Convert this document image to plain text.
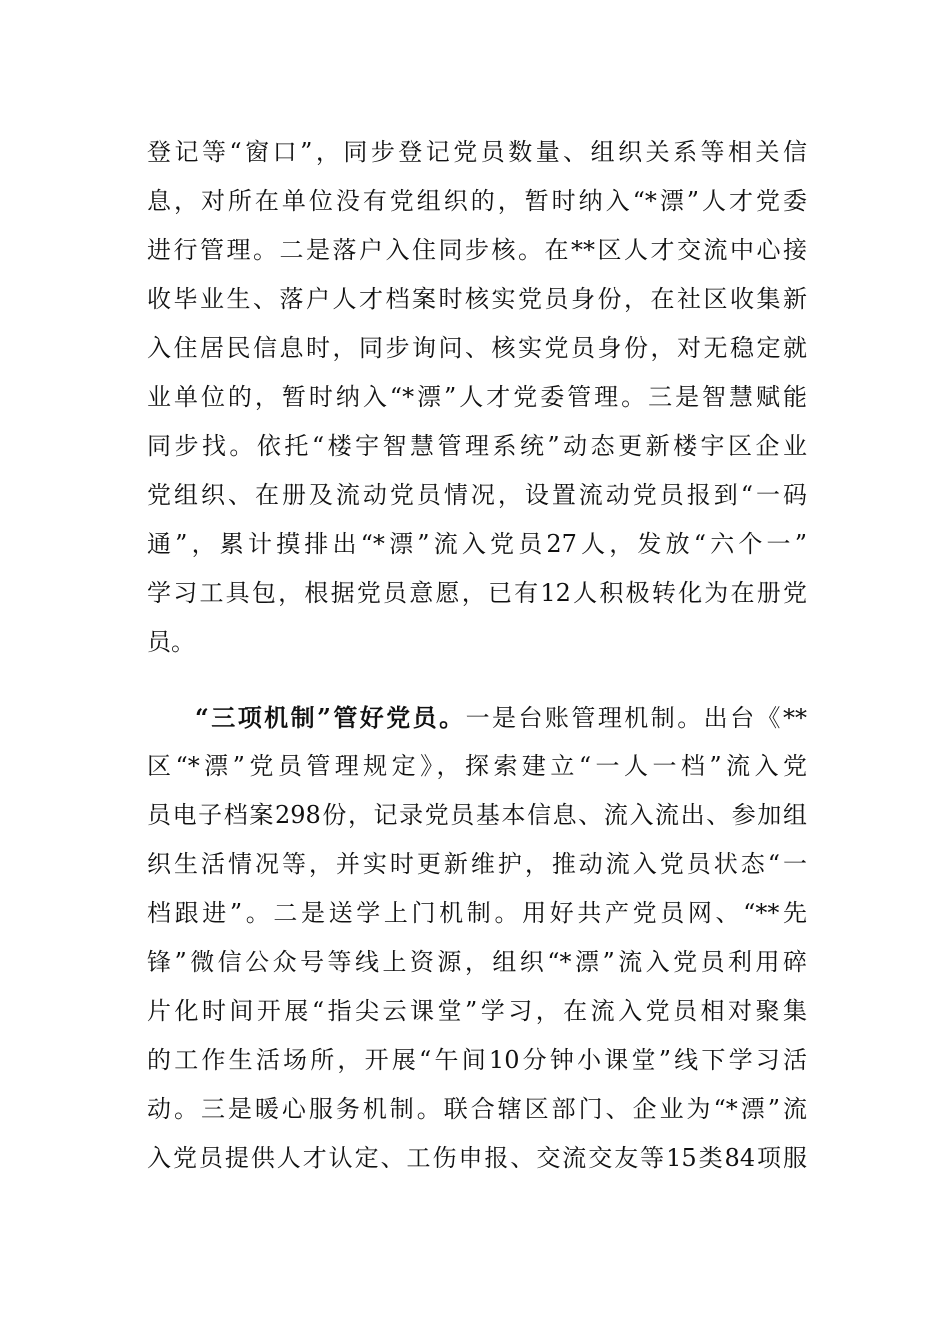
登记等“窗口”，同步登记党员数量、组织关系等相关信
息，对所在单位没有党组织的，暂时纳入“*漂”人才党委
进行管理。二是落户入住同步核。在**区人才交流中心接
收毕业生、落户人才档案时核实党员身份，在社区收集新
入住居民信息时，同步询问、核实党员身份，对无稳定就
业单位的，暂时纳入“*漂”人才党委管理。三是智慧赋能
同步找。依托“楼宇智慧管理系统”动态更新楼宇区企业
党组织、在册及流动党员情况，设置流动党员报到“一码
通”，累计摸排出“*漂”流入党员27人，发放“六个一”
学习工具包，根据党员意愿，已有12人积极转化为在册党
员。
“三项机制”管好党员。一是台账管理机制。出台《**
区“*漂”党员管理规定》，探索建立“一人一档”流入党
员电子档案298份，记录党员基本信息、流入流出、参加组
织生活情况等，并实时更新维护，推动流入党员状态“一
档跟进”。二是送学上门机制。用好共产党员网、“**先
锋”微信公众号等线上资源，组织“*漂”流入党员利用碎
片化时间开展“指尖云课堂”学习，在流入党员相对聚集
的工作生活场所，开展“午间10分钟小课堂”线下学习活
动。三是暖心服务机制。联合辖区部门、企业为“*漂”流
入党员提供人才认定、工伤申报、交流交友等15类84项服
